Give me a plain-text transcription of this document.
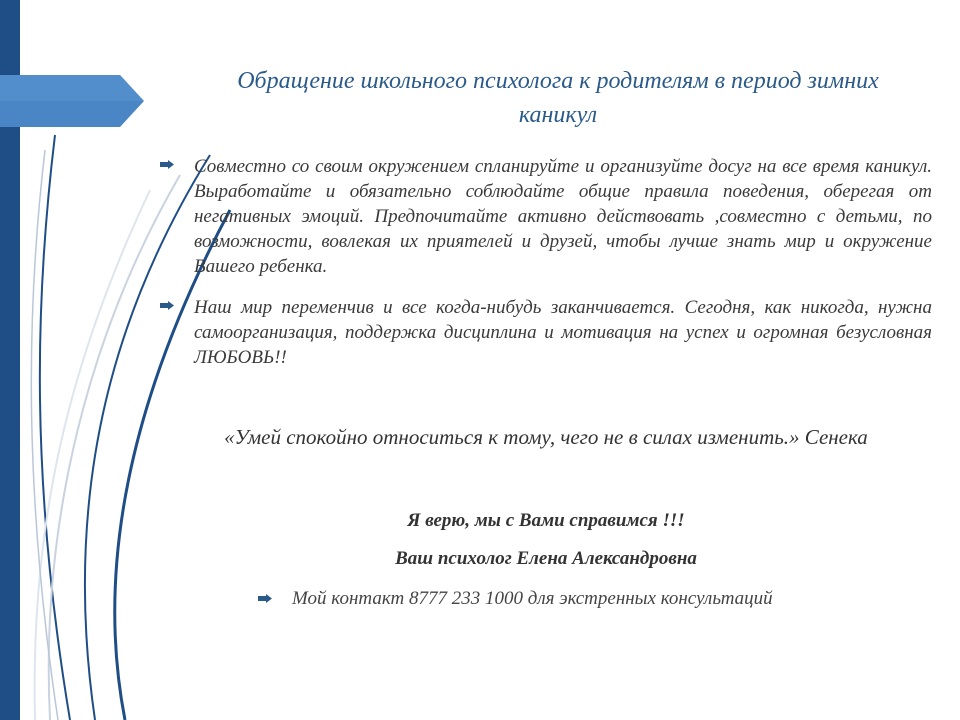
Обращение школьного психолога к родителям в период зимних каникул
Совместно со своим окружением спланируйте и организуйте досуг на все время каникул. Выработайте и обязательно соблюдайте общие правила поведения, оберегая от негативных эмоций. Предпочитайте активно действовать ,совместно с детьми, по возможности, вовлекая их приятелей и друзей, чтобы лучше знать мир и окружение Вашего ребенка.
Наш мир переменчив и все когда-нибудь заканчивается. Сегодня, как никогда, нужна самоорганизация, поддержка дисциплина и мотивация на успех и огромная безусловная ЛЮБОВЬ!!
«Умей спокойно относиться к тому, чего не в силах изменить.» Сенека
Я верю, мы с Вами справимся !!!
Ваш психолог Елена Александровна
Мой контакт 8777 233 1000 для экстренных консультаций
